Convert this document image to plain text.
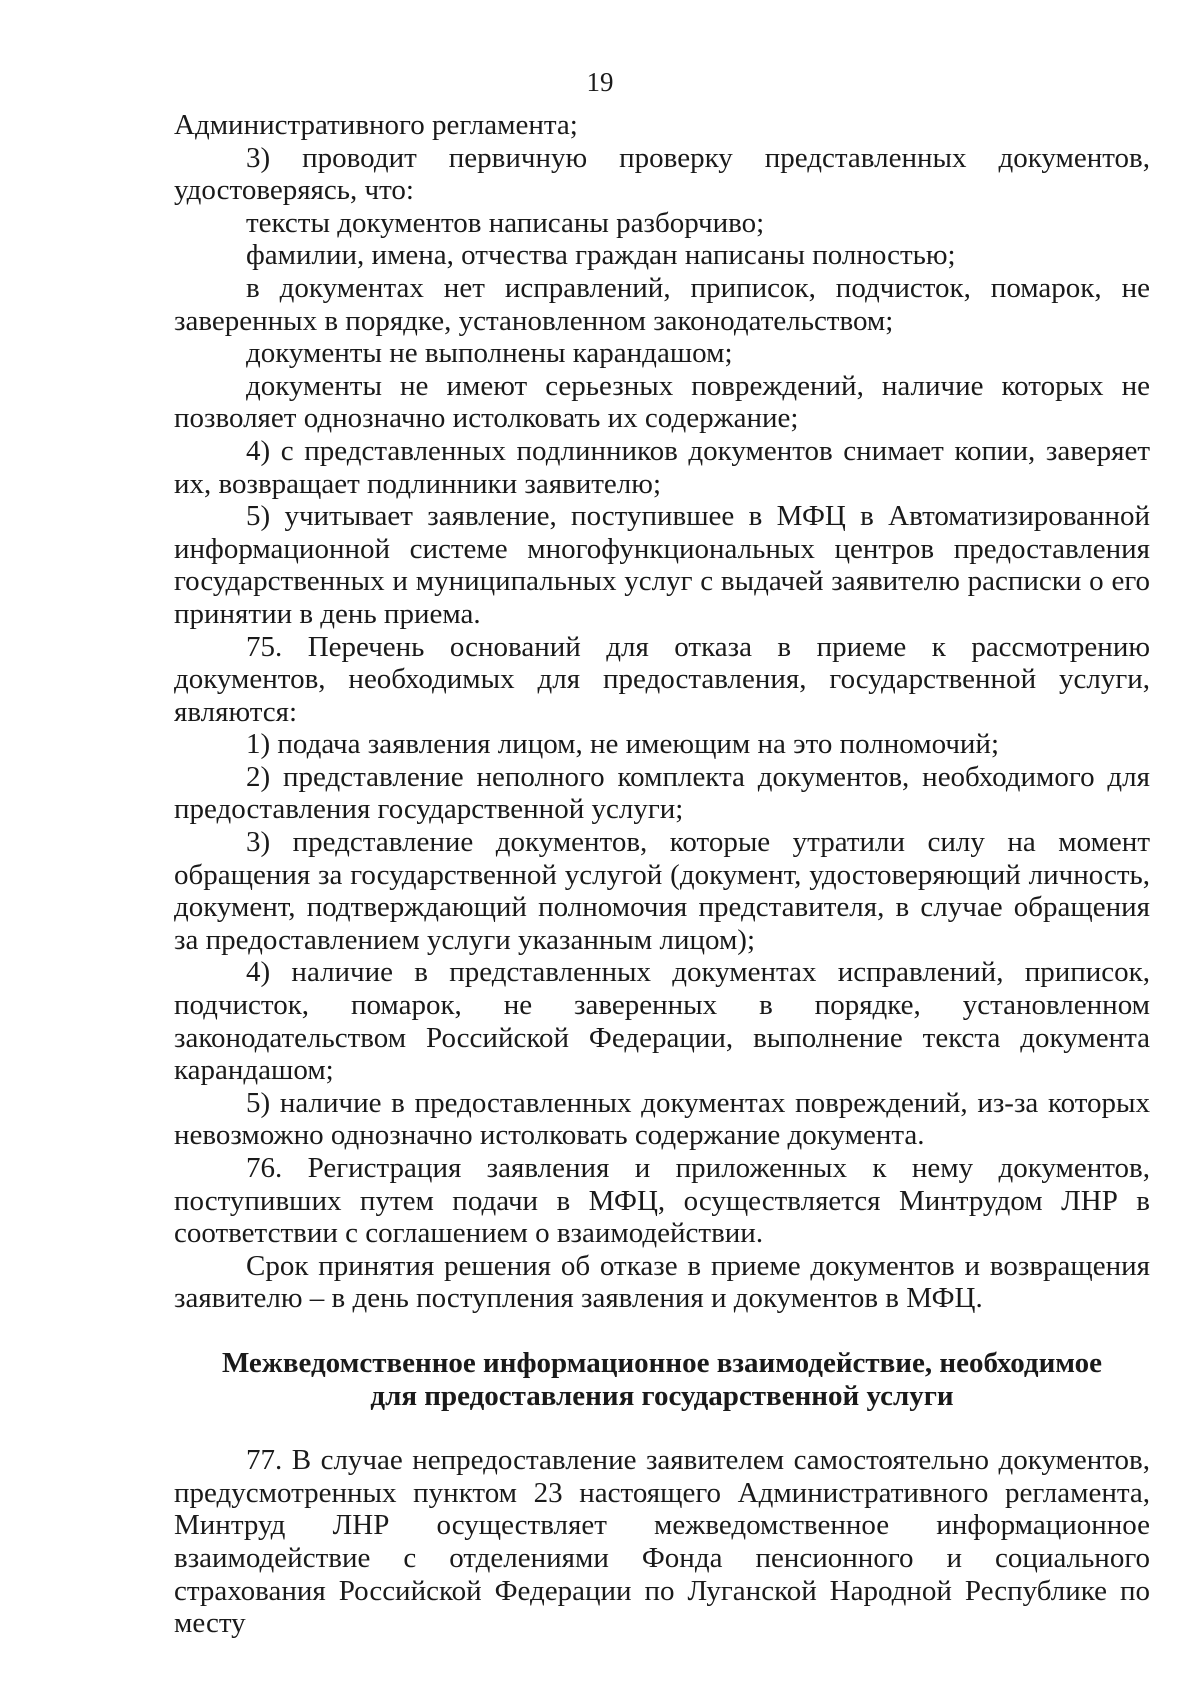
19

Административного регламента;

3) проводит первичную проверку представленных документов, удостоверяясь, что:

тексты документов написаны разборчиво;

фамилии, имена, отчества граждан написаны полностью;

в документах нет исправлений, приписок, подчисток, помарок, не заверенных в порядке, установленном законодательством;

документы не выполнены карандашом;

документы не имеют серьезных повреждений, наличие которых не позволяет однозначно истолковать их содержание;

4) с представленных подлинников документов снимает копии, заверяет их, возвращает подлинники заявителю;

5) учитывает заявление, поступившее в МФЦ в Автоматизированной информационной системе многофункциональных центров предоставления государственных и муниципальных услуг с выдачей заявителю расписки о его принятии в день приема.

75. Перечень оснований для отказа в приеме к рассмотрению документов, необходимых для предоставления, государственной услуги, являются:

1) подача заявления лицом, не имеющим на это полномочий;

2) представление неполного комплекта документов, необходимого для предоставления государственной услуги;

3) представление документов, которые утратили силу на момент обращения за государственной услугой (документ, удостоверяющий личность, документ, подтверждающий полномочия представителя, в случае обращения за предоставлением услуги указанным лицом);

4) наличие в представленных документах исправлений, приписок, подчисток, помарок, не заверенных в порядке, установленном законодательством Российской Федерации, выполнение текста документа карандашом;

5) наличие в предоставленных документах повреждений, из-за которых невозможно однозначно истолковать содержание документа.

76. Регистрация заявления и приложенных к нему документов, поступивших путем подачи в МФЦ, осуществляется Минтрудом ЛНР в соответствии с соглашением о взаимодействии.

Срок принятия решения об отказе в приеме документов и возвращения заявителю – в день поступления заявления и документов в МФЦ.

Межведомственное информационное взаимодействие, необходимое

для предоставления государственной услуги

77. В случае непредоставление заявителем самостоятельно документов, предусмотренных пунктом 23 настоящего Административного регламента, Минтруд ЛНР осуществляет межведомственное информационное взаимодействие с отделениями Фонда пенсионного и социального страхования Российской Федерации по Луганской Народной Республике по месту
